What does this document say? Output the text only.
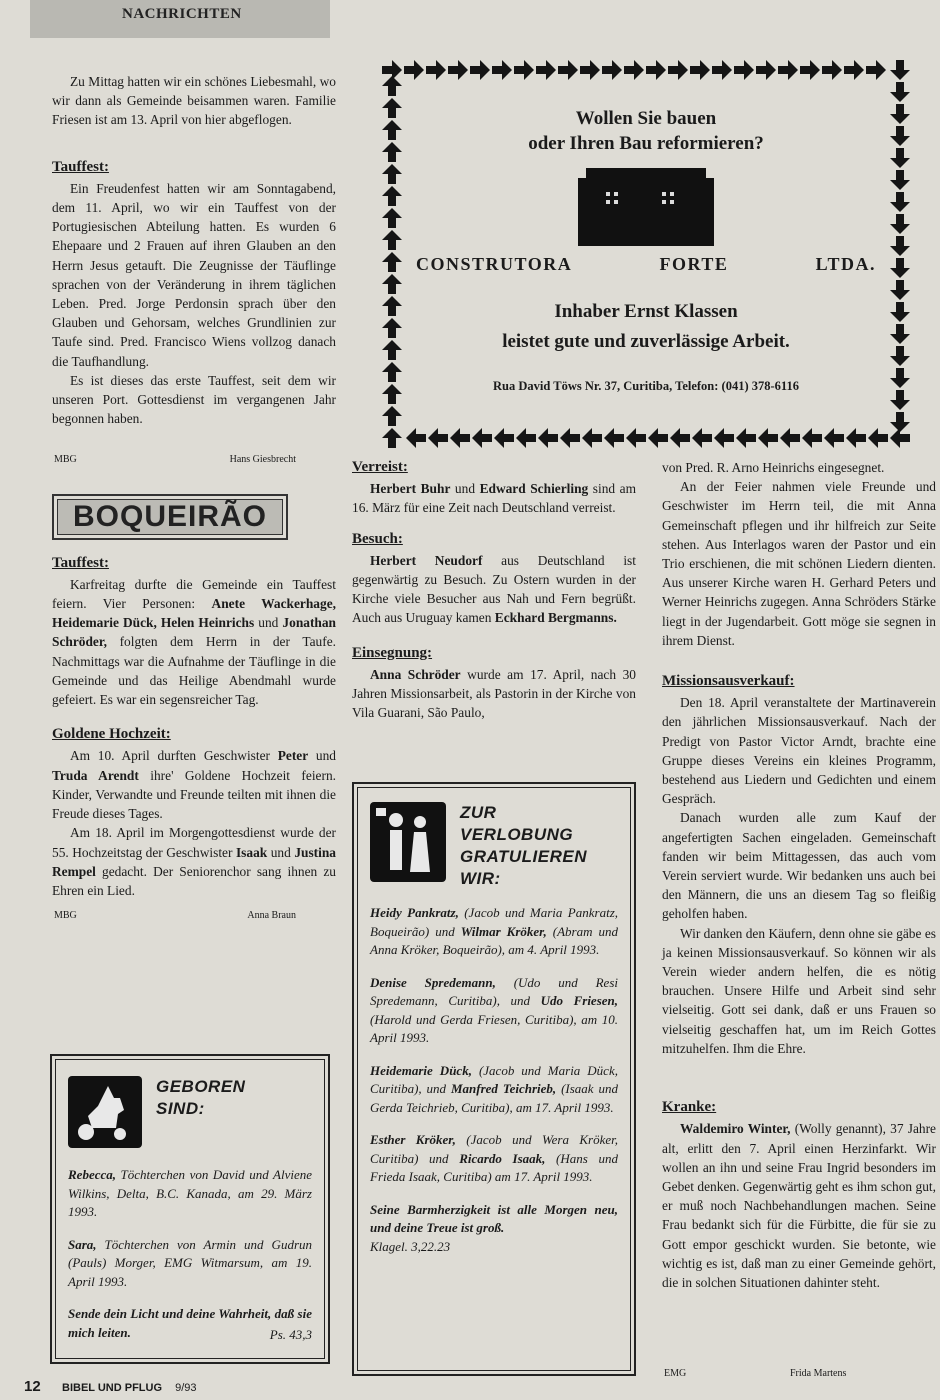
NACHRICHTEN

Zu Mittag hatten wir ein schönes Liebesmahl, wo wir dann als Gemeinde beisammen waren. Familie Friesen ist am 13. April von hier abgeflogen.

Tauffest:

Ein Freudenfest hatten wir am Sonntagabend, dem 11. April, wo wir ein Tauffest von der Portugiesischen Abteilung hatten. Es wurden 6 Ehepaare und 2 Frauen auf ihren Glauben an den Herrn Jesus getauft. Die Zeugnisse der Täuflinge sprachen von der Veränderung in ihrem täglichen Leben. Pred. Jorge Perdonsin sprach über den Glauben und Gehorsam, welches Grundlinien zur Taufe sind. Pred. Francisco Wiens vollzog danach die Taufhandlung.

Es ist dieses das erste Tauffest, seit dem wir unseren Port. Gottesdienst im vergangenen Jahr begonnen haben.

MBG	Hans Giesbrecht
BOQUEIRÃO
Tauffest:

Karfreitag durfte die Gemeinde ein Tauffest feiern. Vier Personen: Anete Wackerhage, Heidemarie Dück, Helen Heinrichs und Jonathan Schröder, folgten dem Herrn in der Taufe. Nachmittags war die Aufnahme der Täuflinge in die Gemeinde und das Heilige Abendmahl wurde gefeiert. Es war ein segensreicher Tag.

Goldene Hochzeit:

Am 10. April durften Geschwister Peter und Truda Arendt ihre' Goldene Hochzeit feiern. Kinder, Verwandte und Freunde teilten mit ihnen die Freude dieses Tages.

Am 18. April im Morgengottesdienst wurde der 55. Hochzeitstag der Geschwister Isaak und Justina Rempel gedacht. Der Seniorenchor sang ihnen zu Ehren ein Lied.

MBG	Anna Braun
Wollen Sie bauen
oder Ihren Bau reformieren?
CONSTRUTORA	FORTE	LTDA.
Inhaber Ernst Klassen
leistet gute und zuverlässige Arbeit.
Rua David Töws Nr. 37, Curitiba, Telefon: (041) 378-6116
Verreist:

Herbert Buhr und Edward Schierling sind am 16. März für eine Zeit nach Deutschland verreist.

Besuch:

Herbert Neudorf aus Deutschland ist gegenwärtig zu Besuch. Zu Ostern wurden in der Kirche viele Besucher aus Nah und Fern begrüßt. Auch aus Uruguay kamen Eckhard Bergmanns.

Einsegnung:

Anna Schröder wurde am 17. April, nach 30 Jahren Missionsarbeit, als Pastorin in der Kirche von Vila Guarani, São Paulo,

GEBOREN
SIND:

Rebecca, Töchterchen von David und Alviene Wilkins, Delta, B.C. Kanada, am 29. März 1993.

Sara, Töchterchen von Armin und Gudrun (Pauls) Morger, EMG Witmarsum, am 19. April 1993.

Sende dein Licht und deine Wahrheit, daß sie mich leiten.	Ps. 43,3

ZUR
VERLOBUNG
GRATULIEREN
WIR:

Heidy Pankratz, (Jacob und Maria Pankratz, Boqueirão) und Wilmar Kröker, (Abram und Anna Kröker, Boqueirão), am 4. April 1993.

Denise Spredemann, (Udo und Resi Spredemann, Curitiba), und Udo Friesen, (Harold und Gerda Friesen, Curitiba), am 10. April 1993.

Heidemarie Dück, (Jacob und Maria Dück, Curitiba), und Manfred Teichrieb, (Isaak und Gerda Teichrieb, Curitiba), am 17. April 1993.

Esther Kröker, (Jacob und Wera Kröker, Curitiba) und Ricardo Isaak, (Hans und Frieda Isaak, Curitiba) am 17. April 1993.

Seine Barmherzigkeit ist alle Morgen neu, und deine Treue ist groß.

Klagel. 3,22.23

von Pred. R. Arno Heinrichs eingesegnet.

An der Feier nahmen viele Freunde und Geschwister im Herrn teil, die mit Anna Gemeinschaft pflegen und ihr hilfreich zur Seite stehen. Aus Interlagos waren der Pastor und ein Trio erschienen, die mit schönen Liedern dienten. Aus unserer Kirche waren H. Gerhard Peters und Werner Heinrichs zugegen. Anna Schröders Stärke liegt in der Jugendarbeit. Gott möge sie segnen in ihrem Dienst.

Missionsausverkauf:

Den 18. April veranstaltete der Martinaverein den jährlichen Missionsausverkauf. Nach der Predigt von Pastor Victor Arndt, brachte eine Gruppe dieses Vereins ein kleines Programm, bestehend aus Liedern und Gedichten und einem Gespräch.

Danach wurden alle zum Kauf der angefertigten Sachen eingeladen. Gemeinschaft fanden wir beim Mittagessen, das auch vom Verein serviert wurde. Wir bedanken uns auch bei den Männern, die uns an diesem Tag so fleißig geholfen haben.

Wir danken den Käufern, denn ohne sie gäbe es ja keinen Missionsausverkauf. So können wir als Verein wieder andern helfen, die es nötig brauchen. Unsere Hilfe und Arbeit sind sehr vielseitig. Gott sei dank, daß er uns Frauen so vielseitig geschaffen hat, um im Reich Gottes mitzuhelfen. Ihm die Ehre.

Kranke:

Waldemiro Winter, (Wolly genannt), 37 Jahre alt, erlitt den 7. April einen Herzinfarkt. Wir wollen an ihn und seine Frau Ingrid besonders im Gebet denken. Gegenwärtig geht es ihm schon gut, er muß noch Nachbehandlungen machen. Seine Frau bedankt sich für die Fürbitte, die für sie zu Gott empor geschickt wurden. Sie betonte, wie wichtig es ist, daß man zu einer Gemeinde gehört, die in solchen Situationen dahinter steht.

12 BIBEL UND PFLUG 9/93
EMG	Frida Martens
